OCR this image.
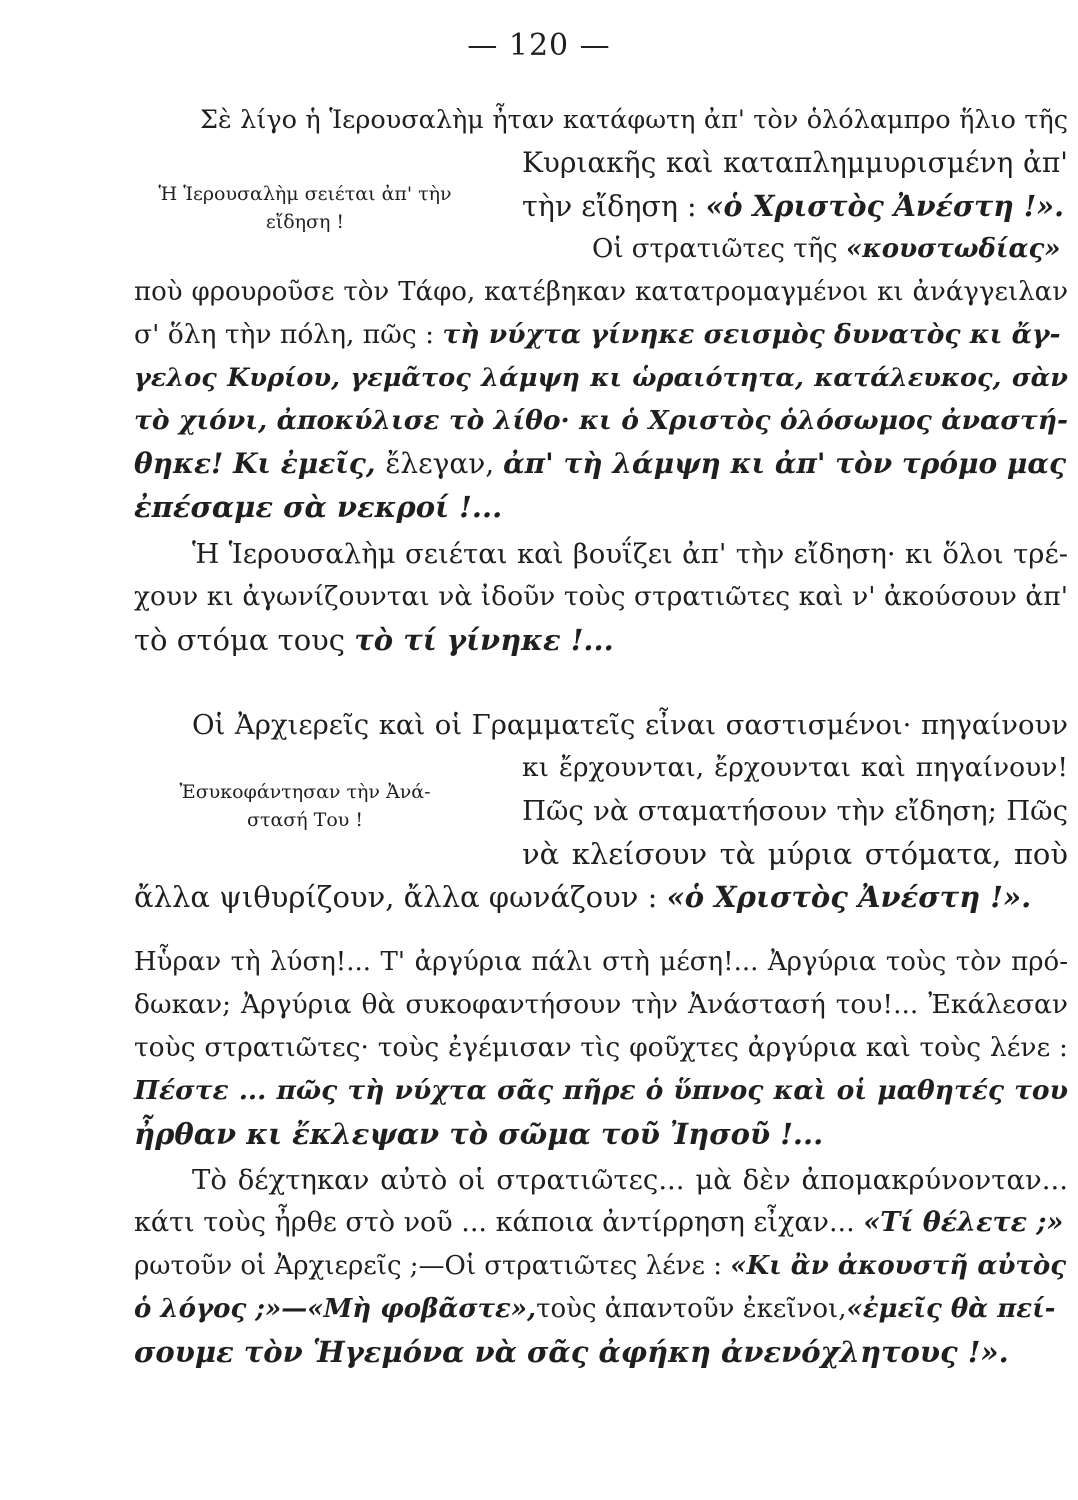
— 120 —
Ἡ Ἱερουσαλὴμ σειέται ἀπ' τὴν
εἴδηση !
Ἐσυκοφάντησαν τὴν Ἀνά-
στασή Του !
Σὲ λίγο ἡ Ἱερουσαλὴμ ἦταν κατάφωτη ἀπ' τὸν ὁλόλαμπρο ἥλιο τῆς
Κυριακῆς καὶ καταπλημμυρισμένη ἀπ'
τὴν εἴδηση : «ὁ Χριστὸς Ἀνέστη !».
Οἱ στρατιῶτες τῆς «κουστωδίας»
ποὺ φρουροῦσε τὸν Τάφο, κατέβηκαν κατατρομαγμένοι κι ἀνάγγειλαν
σ' ὅλη τὴν πόλη, πῶς : τὴ νύχτα γίνηκε σεισμὸς δυνατὸς κι ἄγ-
γελος Κυρίου, γεμᾶτος λάμψη κι ὡραιότητα, κατάλευκος, σὰν
τὸ χιόνι, ἀποκύλισε τὸ λίθο· κι ὁ Χριστὸς ὁλόσωμος ἀναστή-
θηκε! Κι ἐμεῖς, ἔλεγαν, ἀπ' τὴ λάμψη κι ἀπ' τὸν τρόμο μας
ἐπέσαμε σὰ νεκροί !...
Ἡ Ἱερουσαλὴμ σειέται καὶ βουΐζει ἀπ' τὴν εἴδηση· κι ὅλοι τρέ-
χουν κι ἀγωνίζουνται νὰ ἰδοῦν τοὺς στρατιῶτες καὶ ν' ἀκούσουν ἀπ'
τὸ στόμα τους τὸ τί γίνηκε !...
Οἱ Ἀρχιερεῖς καὶ οἱ Γραμματεῖς εἶναι σαστισμένοι· πηγαίνουν
κι ἔρχουνται, ἔρχουνται καὶ πηγαίνουν!
Πῶς νὰ σταματήσουν τὴν εἴδηση; Πῶς
νὰ κλείσουν τὰ μύρια στόματα, ποὺ
ἄλλα ψιθυρίζουν, ἄλλα φωνάζουν : «ὁ Χριστὸς Ἀνέστη !».
Ηὗραν τὴ λύση!... Τ' ἀργύρια πάλι στὴ μέση!... Ἀργύρια τοὺς τὸν πρό-
δωκαν; Ἀργύρια θὰ συκοφαντήσουν τὴν Ἀνάστασή του!... Ἐκάλεσαν
τοὺς στρατιῶτες· τοὺς ἐγέμισαν τὶς φοῦχτες ἀργύρια καὶ τοὺς λένε :
Πέστε ... πῶς τὴ νύχτα σᾶς πῆρε ὁ ὕπνος καὶ οἱ μαθητές του
ἦρθαν κι ἔκλεψαν τὸ σῶμα τοῦ Ἰησοῦ !...
Τὸ δέχτηκαν αὐτὸ οἱ στρατιῶτες... μὰ δὲν ἀπομακρύνονταν...
κάτι τοὺς ἦρθε στὸ νοῦ ... κάποια ἀντίρρηση εἶχαν... «Τί θέλετε ;»
ρωτοῦν οἱ Ἀρχιερεῖς ;—Οἱ στρατιῶτες λένε : «Κι ἂν ἀκουστῆ αὐτὸς
ὁ λόγος ;»—«Μὴ φοβᾶστε»,τοὺς ἀπαντοῦν ἐκεῖνοι,«ἐμεῖς θὰ πεί-
σουμε τὸν Ἡγεμόνα νὰ σᾶς ἀφήκη ἀνενόχλητους !».
